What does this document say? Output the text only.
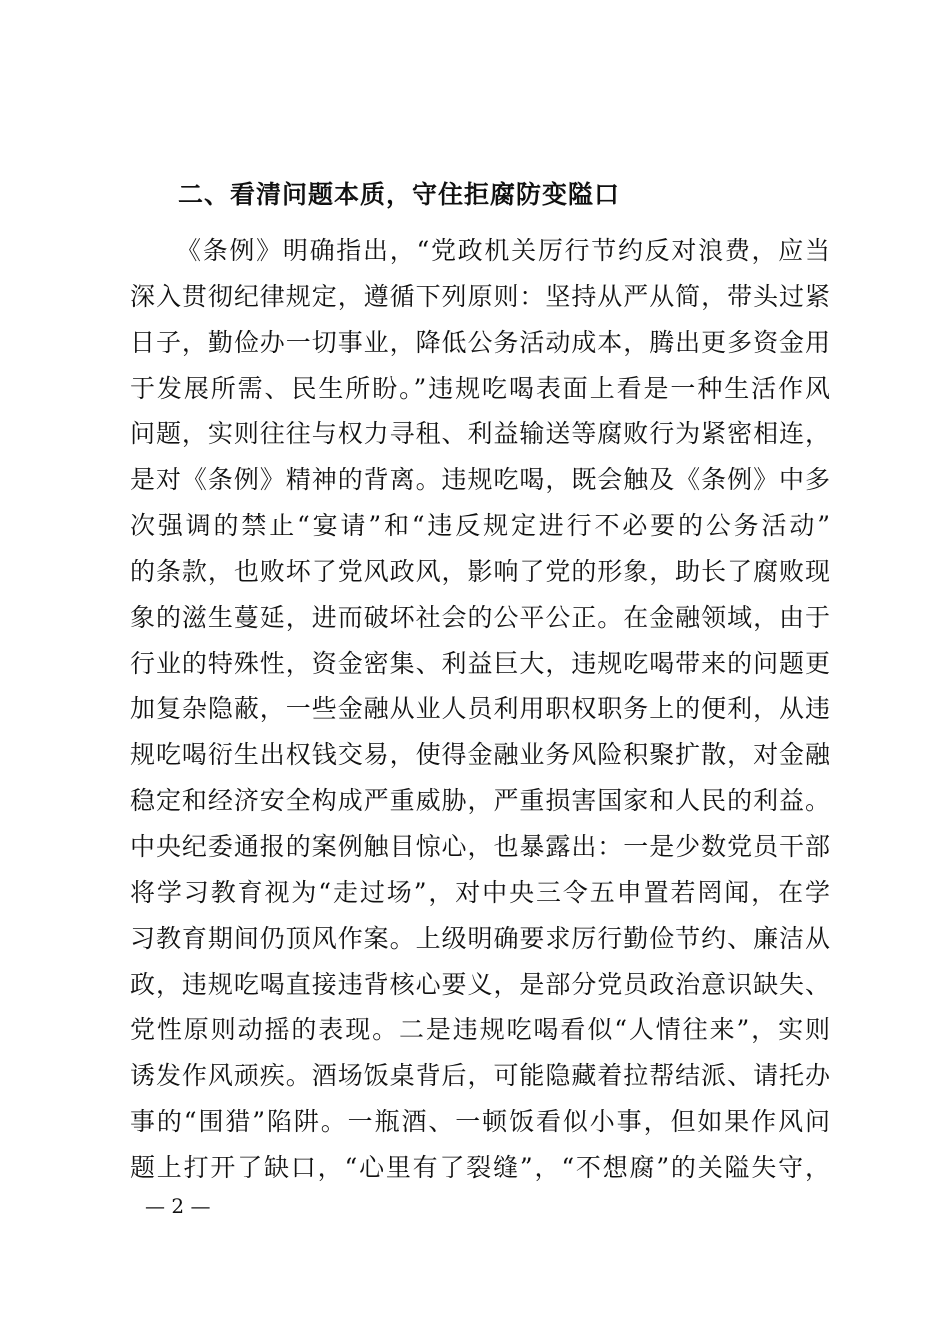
二、看清问题本质，守住拒腐防变隘口
《条例》明确指出，“党政机关厉行节约反对浪费，应当
深入贯彻纪律规定，遵循下列原则：坚持从严从简，带头过紧
日子，勤俭办一切事业，降低公务活动成本，腾出更多资金用
于发展所需、民生所盼。”违规吃喝表面上看是一种生活作风
问题，实则往往与权力寻租、利益输送等腐败行为紧密相连，
是对《条例》精神的背离。违规吃喝，既会触及《条例》中多
次强调的禁止“宴请”和“违反规定进行不必要的公务活动”
的条款，也败坏了党风政风，影响了党的形象，助长了腐败现
象的滋生蔓延，进而破坏社会的公平公正。在金融领域，由于
行业的特殊性，资金密集、利益巨大，违规吃喝带来的问题更
加复杂隐蔽，一些金融从业人员利用职权职务上的便利，从违
规吃喝衍生出权钱交易，使得金融业务风险积聚扩散，对金融
稳定和经济安全构成严重威胁，严重损害国家和人民的利益。
中央纪委通报的案例触目惊心，也暴露出：一是少数党员干部
将学习教育视为“走过场”，对中央三令五申置若罔闻，在学
习教育期间仍顶风作案。上级明确要求厉行勤俭节约、廉洁从
政，违规吃喝直接违背核心要义，是部分党员政治意识缺失、
党性原则动摇的表现。二是违规吃喝看似“人情往来”，实则
诱发作风顽疾。酒场饭桌背后，可能隐藏着拉帮结派、请托办
事的“围猎”陷阱。一瓶酒、一顿饭看似小事，但如果作风问
题上打开了缺口，“心里有了裂缝”，“不想腐”的关隘失守，
— 2 —
